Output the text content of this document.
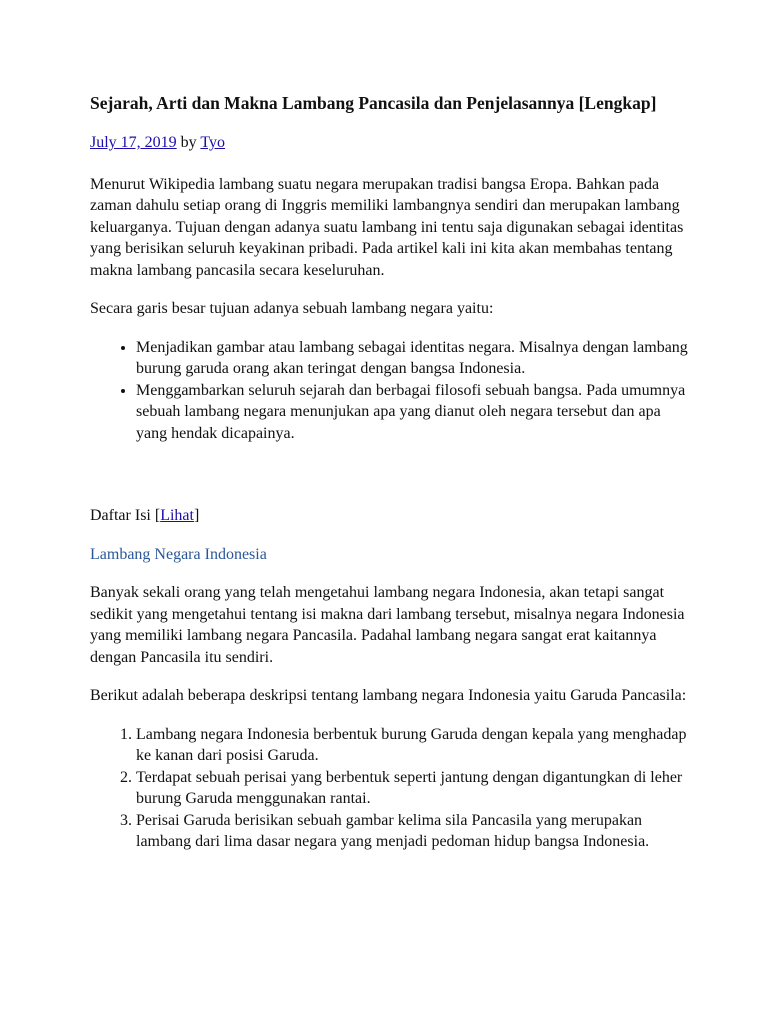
Sejarah, Arti dan Makna Lambang Pancasila dan Penjelasannya [Lengkap]
July 17, 2019 by Tyo

Menurut Wikipedia lambang suatu negara merupakan tradisi bangsa Eropa. Bahkan pada zaman dahulu setiap orang di Inggris memiliki lambangnya sendiri dan merupakan lambang keluarganya. Tujuan dengan adanya suatu lambang ini tentu saja digunakan sebagai identitas yang berisikan seluruh keyakinan pribadi. Pada artikel kali ini kita akan membahas tentang makna lambang pancasila secara keseluruhan.

Secara garis besar tujuan adanya sebuah lambang negara yaitu:

• Menjadikan gambar atau lambang sebagai identitas negara. Misalnya dengan lambang burung garuda orang akan teringat dengan bangsa Indonesia.
• Menggambarkan seluruh sejarah dan berbagai filosofi sebuah bangsa. Pada umumnya sebuah lambang negara menunjukan apa yang dianut oleh negara tersebut dan apa yang hendak dicapainya.
Daftar Isi [Lihat]
Lambang Negara Indonesia

Banyak sekali orang yang telah mengetahui lambang negara Indonesia, akan tetapi sangat sedikit yang mengetahui tentang isi makna dari lambang tersebut, misalnya negara Indonesia yang memiliki lambang negara Pancasila. Padahal lambang negara sangat erat kaitannya dengan Pancasila itu sendiri.

Berikut adalah beberapa deskripsi tentang lambang negara Indonesia yaitu Garuda Pancasila:

1. Lambang negara Indonesia berbentuk burung Garuda dengan kepala yang menghadap ke kanan dari posisi Garuda.
2. Terdapat sebuah perisai yang berbentuk seperti jantung dengan digantungkan di leher burung Garuda menggunakan rantai.
3. Perisai Garuda berisikan sebuah gambar kelima sila Pancasila yang merupakan lambang dari lima dasar negara yang menjadi pedoman hidup bangsa Indonesia.
